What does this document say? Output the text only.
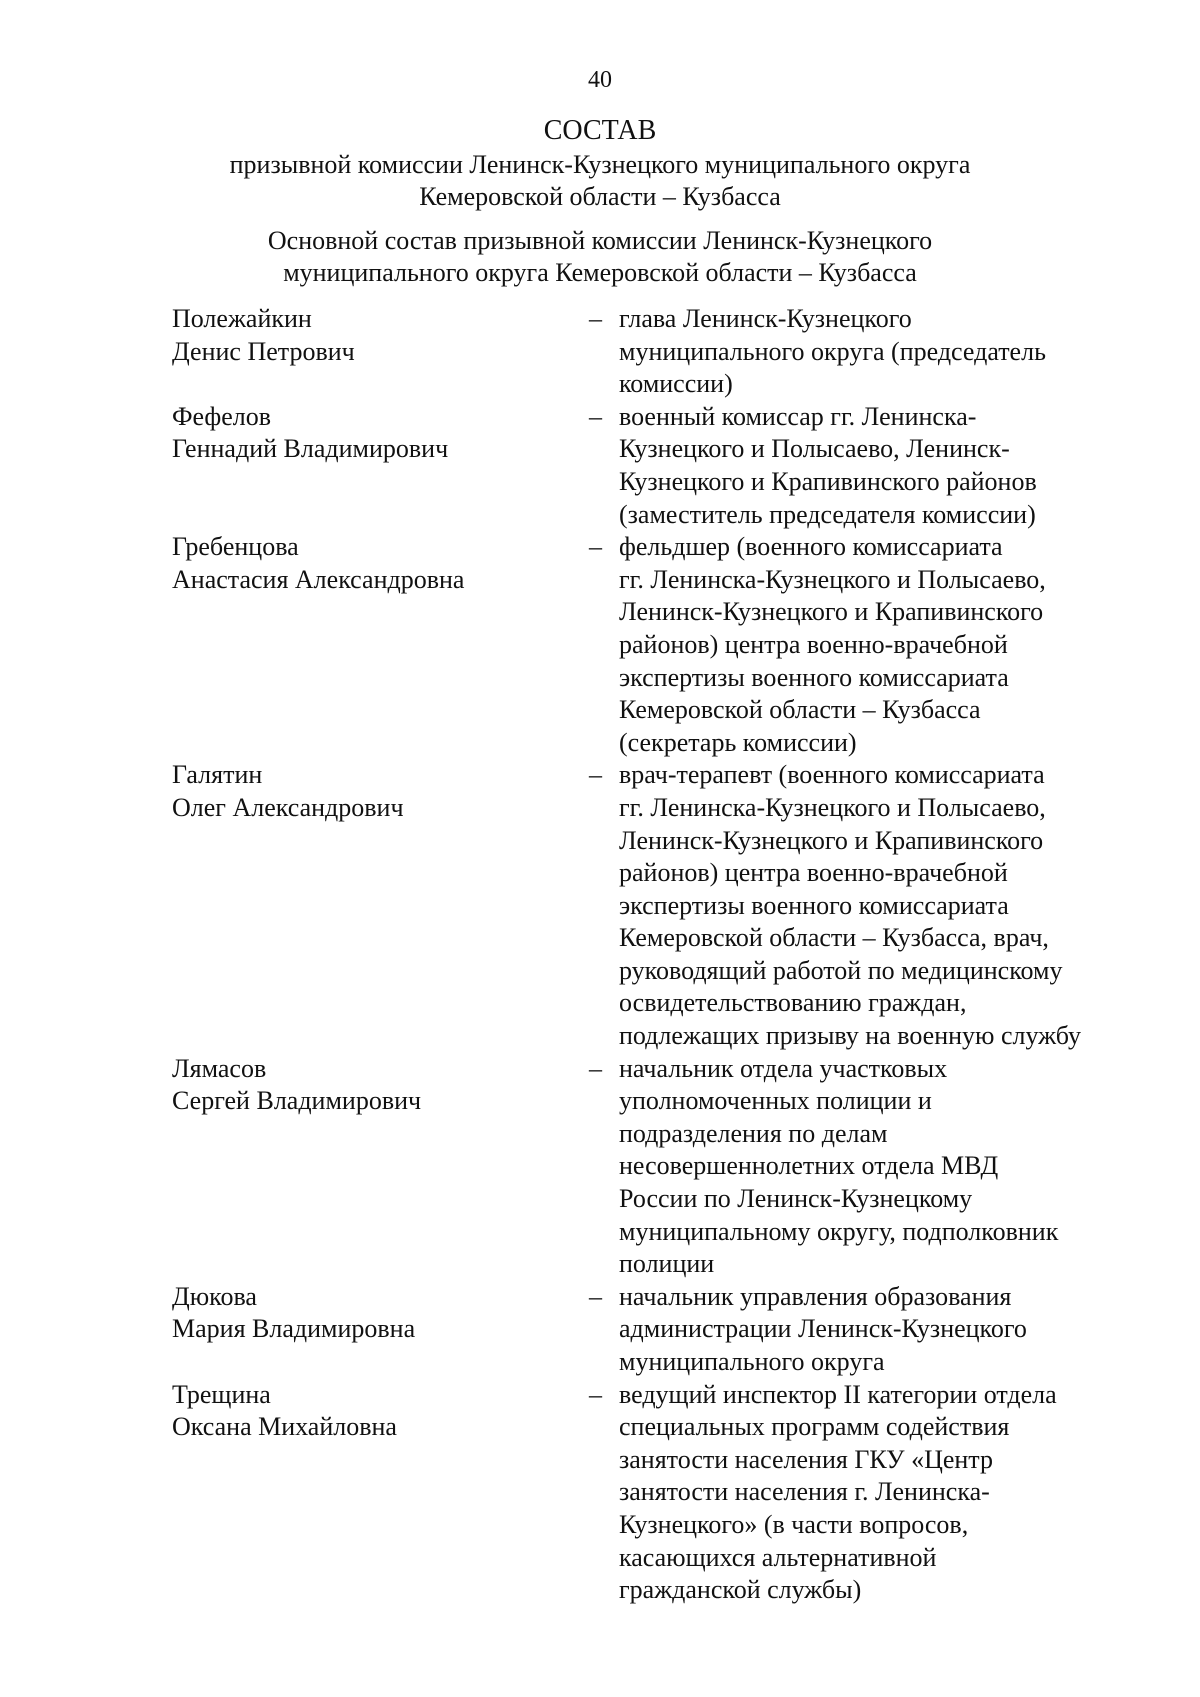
40
СОСТАВ
призывной комиссии Ленинск-Кузнецкого муниципального округа
Кемеровской области – Кузбасса
Основной состав призывной комиссии Ленинск-Кузнецкого
муниципального округа Кемеровской области – Кузбасса
Полежайкин
Денис Петрович
– глава Ленинск-Кузнецкого
муниципального округа (председатель
комиссии)
Фефелов
Геннадий Владимирович
– военный комиссар гг. Ленинска-
Кузнецкого и Полысаево, Ленинск-
Кузнецкого и Крапивинского районов
(заместитель председателя комиссии)
Гребенцова
Анастасия Александровна
– фельдшер (военного комиссариата
гг. Ленинска-Кузнецкого и Полысаево,
Ленинск-Кузнецкого и Крапивинского
районов) центра военно-врачебной
экспертизы военного комиссариата
Кемеровской области – Кузбасса
(секретарь комиссии)
Галятин
Олег Александрович
– врач-терапевт (военного комиссариата
гг. Ленинска-Кузнецкого и Полысаево,
Ленинск-Кузнецкого и Крапивинского
районов) центра военно-врачебной
экспертизы военного комиссариата
Кемеровской области – Кузбасса, врач,
руководящий работой по медицинскому
освидетельствованию граждан,
подлежащих призыву на военную службу
Лямасов
Сергей Владимирович
– начальник отдела участковых
уполномоченных полиции и
подразделения по делам
несовершеннолетних отдела МВД
России по Ленинск-Кузнецкому
муниципальному округу, подполковник
полиции
Дюкова
Мария Владимировна
– начальник управления образования
администрации Ленинск-Кузнецкого
муниципального округа
Трещина
Оксана Михайловна
– ведущий инспектор II категории отдела
специальных программ содействия
занятости населения ГКУ «Центр
занятости населения г. Ленинска-
Кузнецкого» (в части вопросов,
касающихся альтернативной
гражданской службы)
